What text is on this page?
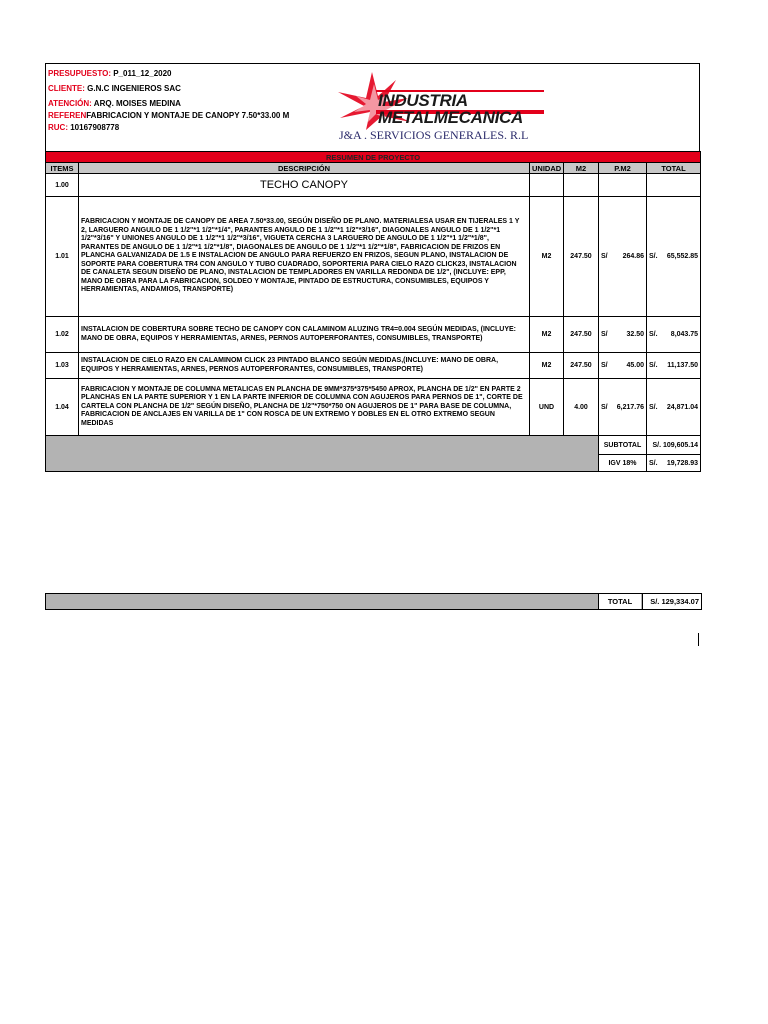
PRESUPUESTO: P_011_12_2020
CLIENTE: G.N.C INGENIEROS SAC
ATENCIÓN: ARQ. MOISES MEDINA
REFERENFABRICACION Y MONTAJE DE CANOPY 7.50*33.00 M
RUC: 10167908778
INDUSTRIA
METALMECANICA
J&A . SERVICIOS GENERALES. R.L
RESUMEN DE PROYECTO					
ITEMS	DESCRIPCIÓN	UNIDAD	M2	P.M2	TOTAL
1.00	TECHO CANOPY				
1.01	FABRICACION Y MONTAJE DE CANOPY DE AREA 7.50*33.00, SEGÚN DISEÑO DE PLANO. MATERIALESA USAR EN TIJERALES 1 Y 2, LARGUERO ANGULO DE 1 1/2"*1 1/2"*1/4", PARANTES ANGULO DE 1 1/2"*1 1/2"*3/16", DIAGONALES ANGULO DE 1 1/2"*1 1/2"*3/16" Y UNIONES ANGULO DE 1 1/2"*1 1/2"*3/16", VIGUETA CERCHA 3 LARGUERO DE ANGULO DE 1 1/2"*1 1/2"*1/8", PARANTES DE ANGULO DE 1 1/2"*1 1/2"*1/8", DIAGONALES DE ANGULO DE 1 1/2"*1 1/2"*1/8", FABRICACION DE FRIZOS EN PLANCHA GALVANIZADA DE 1.5 E INSTALACION DE ANGULO PARA REFUERZO EN FRIZOS, SEGUN PLANO, INSTALACION DE SOPORTE PARA COBERTURA TR4 CON ANGULO Y TUBO CUADRADO, SOPORTERIA PARA CIELO RAZO CLICK23, INSTALACION DE CANALETA SEGUN DISEÑO DE PLANO, INSTALACION DE TEMPLADORES EN VARILLA REDONDA DE 1/2", (INCLUYE: EPP, MANO DE OBRA PARA LA FABRICACION, SOLDEO Y MONTAJE, PINTADO DE ESTRUCTURA, CONSUMIBLES, EQUIPOS Y HERRAMIENTAS, ANDAMIOS, TRANSPORTE)	M2	247.50	S/ 264.86	S/. 65,552.85

1.02	INSTALACION DE COBERTURA SOBRE TECHO DE CANOPY CON CALAMINOM ALUZING TR4=0.004 SEGÚN MEDIDAS, (INCLUYE: MANO DE OBRA, EQUIPOS Y HERRAMIENTAS, ARNES, PERNOS AUTOPERFORANTES, CONSUMIBLES, TRANSPORTE)	M2	247.50	S/ 32.50	S/. 8,043.75

1.03	INSTALACION DE CIELO RAZO EN CALAMINOM CLICK 23 PINTADO BLANCO SEGÚN MEDIDAS,(INCLUYE: MANO DE OBRA, EQUIPOS Y HERRAMIENTAS, ARNES, PERNOS AUTOPERFORANTES, CONSUMIBLES, TRANSPORTE)	M2	247.50	S/ 45.00	S/. 11,137.50

1.04	FABRICACION Y MONTAJE DE COLUMNA METALICAS EN PLANCHA DE 9MM*375*375*5450 APROX, PLANCHA DE 1/2" EN PARTE 2 PLANCHAS EN LA PARTE SUPERIOR Y 1 EN LA PARTE INFERIOR DE COLUMNA CON AGUJEROS PARA PERNOS DE 1", CORTE DE CARTELA CON PLANCHA DE 1/2" SEGÚN DISEÑO, PLANCHA DE 1/2"*750*750 ON AGUJEROS DE 1" PARA BASE DE COLUMNA, FABRICACION DE ANCLAJES EN VARILLA DE 1" CON ROSCA DE UN EXTREMO Y DOBLES EN EL OTRO EXTREMO SEGUN MEDIDAS	UND	4.00	S/ 6,217.76	S/. 24,871.04

				SUBTOTAL	S/. 109,605.14
				IGV 18%	S/. 19,728.93
TOTAL	S/. 129,334.07
